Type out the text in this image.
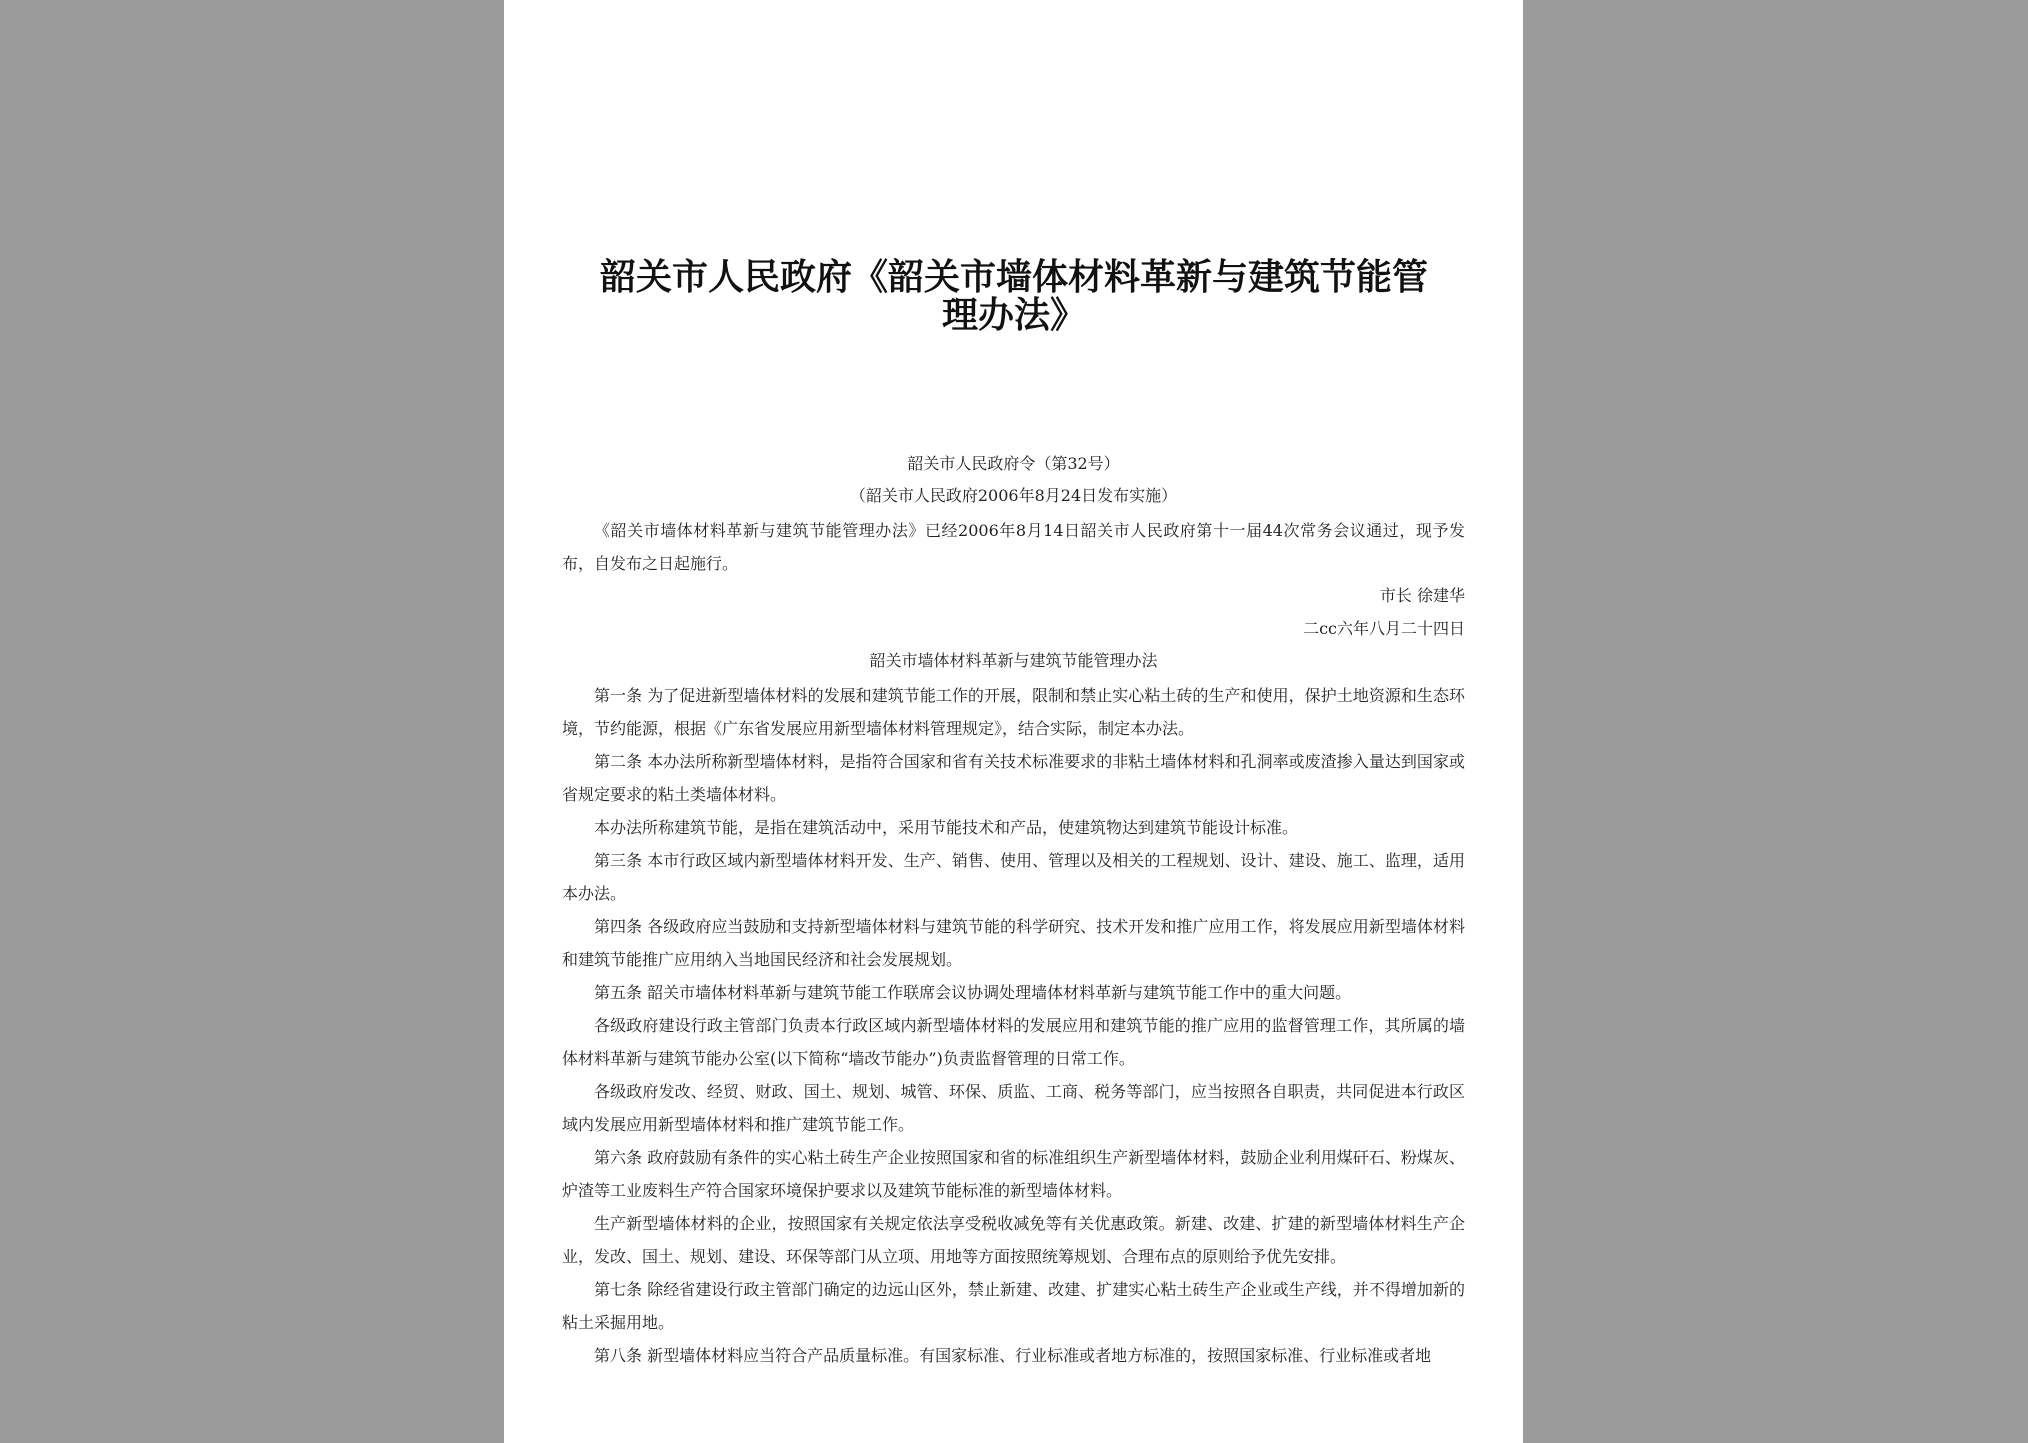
韶关市人民政府《韶关市墙体材料革新与建筑节能管理办法》
韶关市人民政府令（第32号）
（韶关市人民政府2006年8月24日发布实施）

《韶关市墙体材料革新与建筑节能管理办法》已经2006年8月14日韶关市人民政府第十一届44次常务会议通过，现予发布，自发布之日起施行。

市长 徐建华
二cc六年八月二十四日
韶关市墙体材料革新与建筑节能管理办法

第一条 为了促进新型墙体材料的发展和建筑节能工作的开展，限制和禁止实心粘土砖的生产和使用，保护土地资源和生态环境，节约能源，根据《广东省发展应用新型墙体材料管理规定》，结合实际，制定本办法。

第二条 本办法所称新型墙体材料，是指符合国家和省有关技术标准要求的非粘土墙体材料和孔洞率或废渣掺入量达到国家或省规定要求的粘土类墙体材料。

本办法所称建筑节能，是指在建筑活动中，采用节能技术和产品，使建筑物达到建筑节能设计标准。

第三条 本市行政区域内新型墙体材料开发、生产、销售、使用、管理以及相关的工程规划、设计、建设、施工、监理，适用本办法。

第四条 各级政府应当鼓励和支持新型墙体材料与建筑节能的科学研究、技术开发和推广应用工作，将发展应用新型墙体材料和建筑节能推广应用纳入当地国民经济和社会发展规划。

第五条 韶关市墙体材料革新与建筑节能工作联席会议协调处理墙体材料革新与建筑节能工作中的重大问题。

各级政府建设行政主管部门负责本行政区域内新型墙体材料的发展应用和建筑节能的推广应用的监督管理工作，其所属的墙体材料革新与建筑节能办公室(以下简称“墙改节能办”)负责监督管理的日常工作。

各级政府发改、经贸、财政、国土、规划、城管、环保、质监、工商、税务等部门，应当按照各自职责，共同促进本行政区域内发展应用新型墙体材料和推广建筑节能工作。

第六条 政府鼓励有条件的实心粘土砖生产企业按照国家和省的标准组织生产新型墙体材料，鼓励企业利用煤矸石、粉煤灰、炉渣等工业废料生产符合国家环境保护要求以及建筑节能标准的新型墙体材料。

生产新型墙体材料的企业，按照国家有关规定依法享受税收减免等有关优惠政策。新建、改建、扩建的新型墙体材料生产企业，发改、国土、规划、建设、环保等部门从立项、用地等方面按照统筹规划、合理布点的原则给予优先安排。

第七条 除经省建设行政主管部门确定的边远山区外，禁止新建、改建、扩建实心粘土砖生产企业或生产线，并不得增加新的粘土采掘用地。

第八条 新型墙体材料应当符合产品质量标准。有国家标准、行业标准或者地方标准的，按照国家标准、行业标准或者地
